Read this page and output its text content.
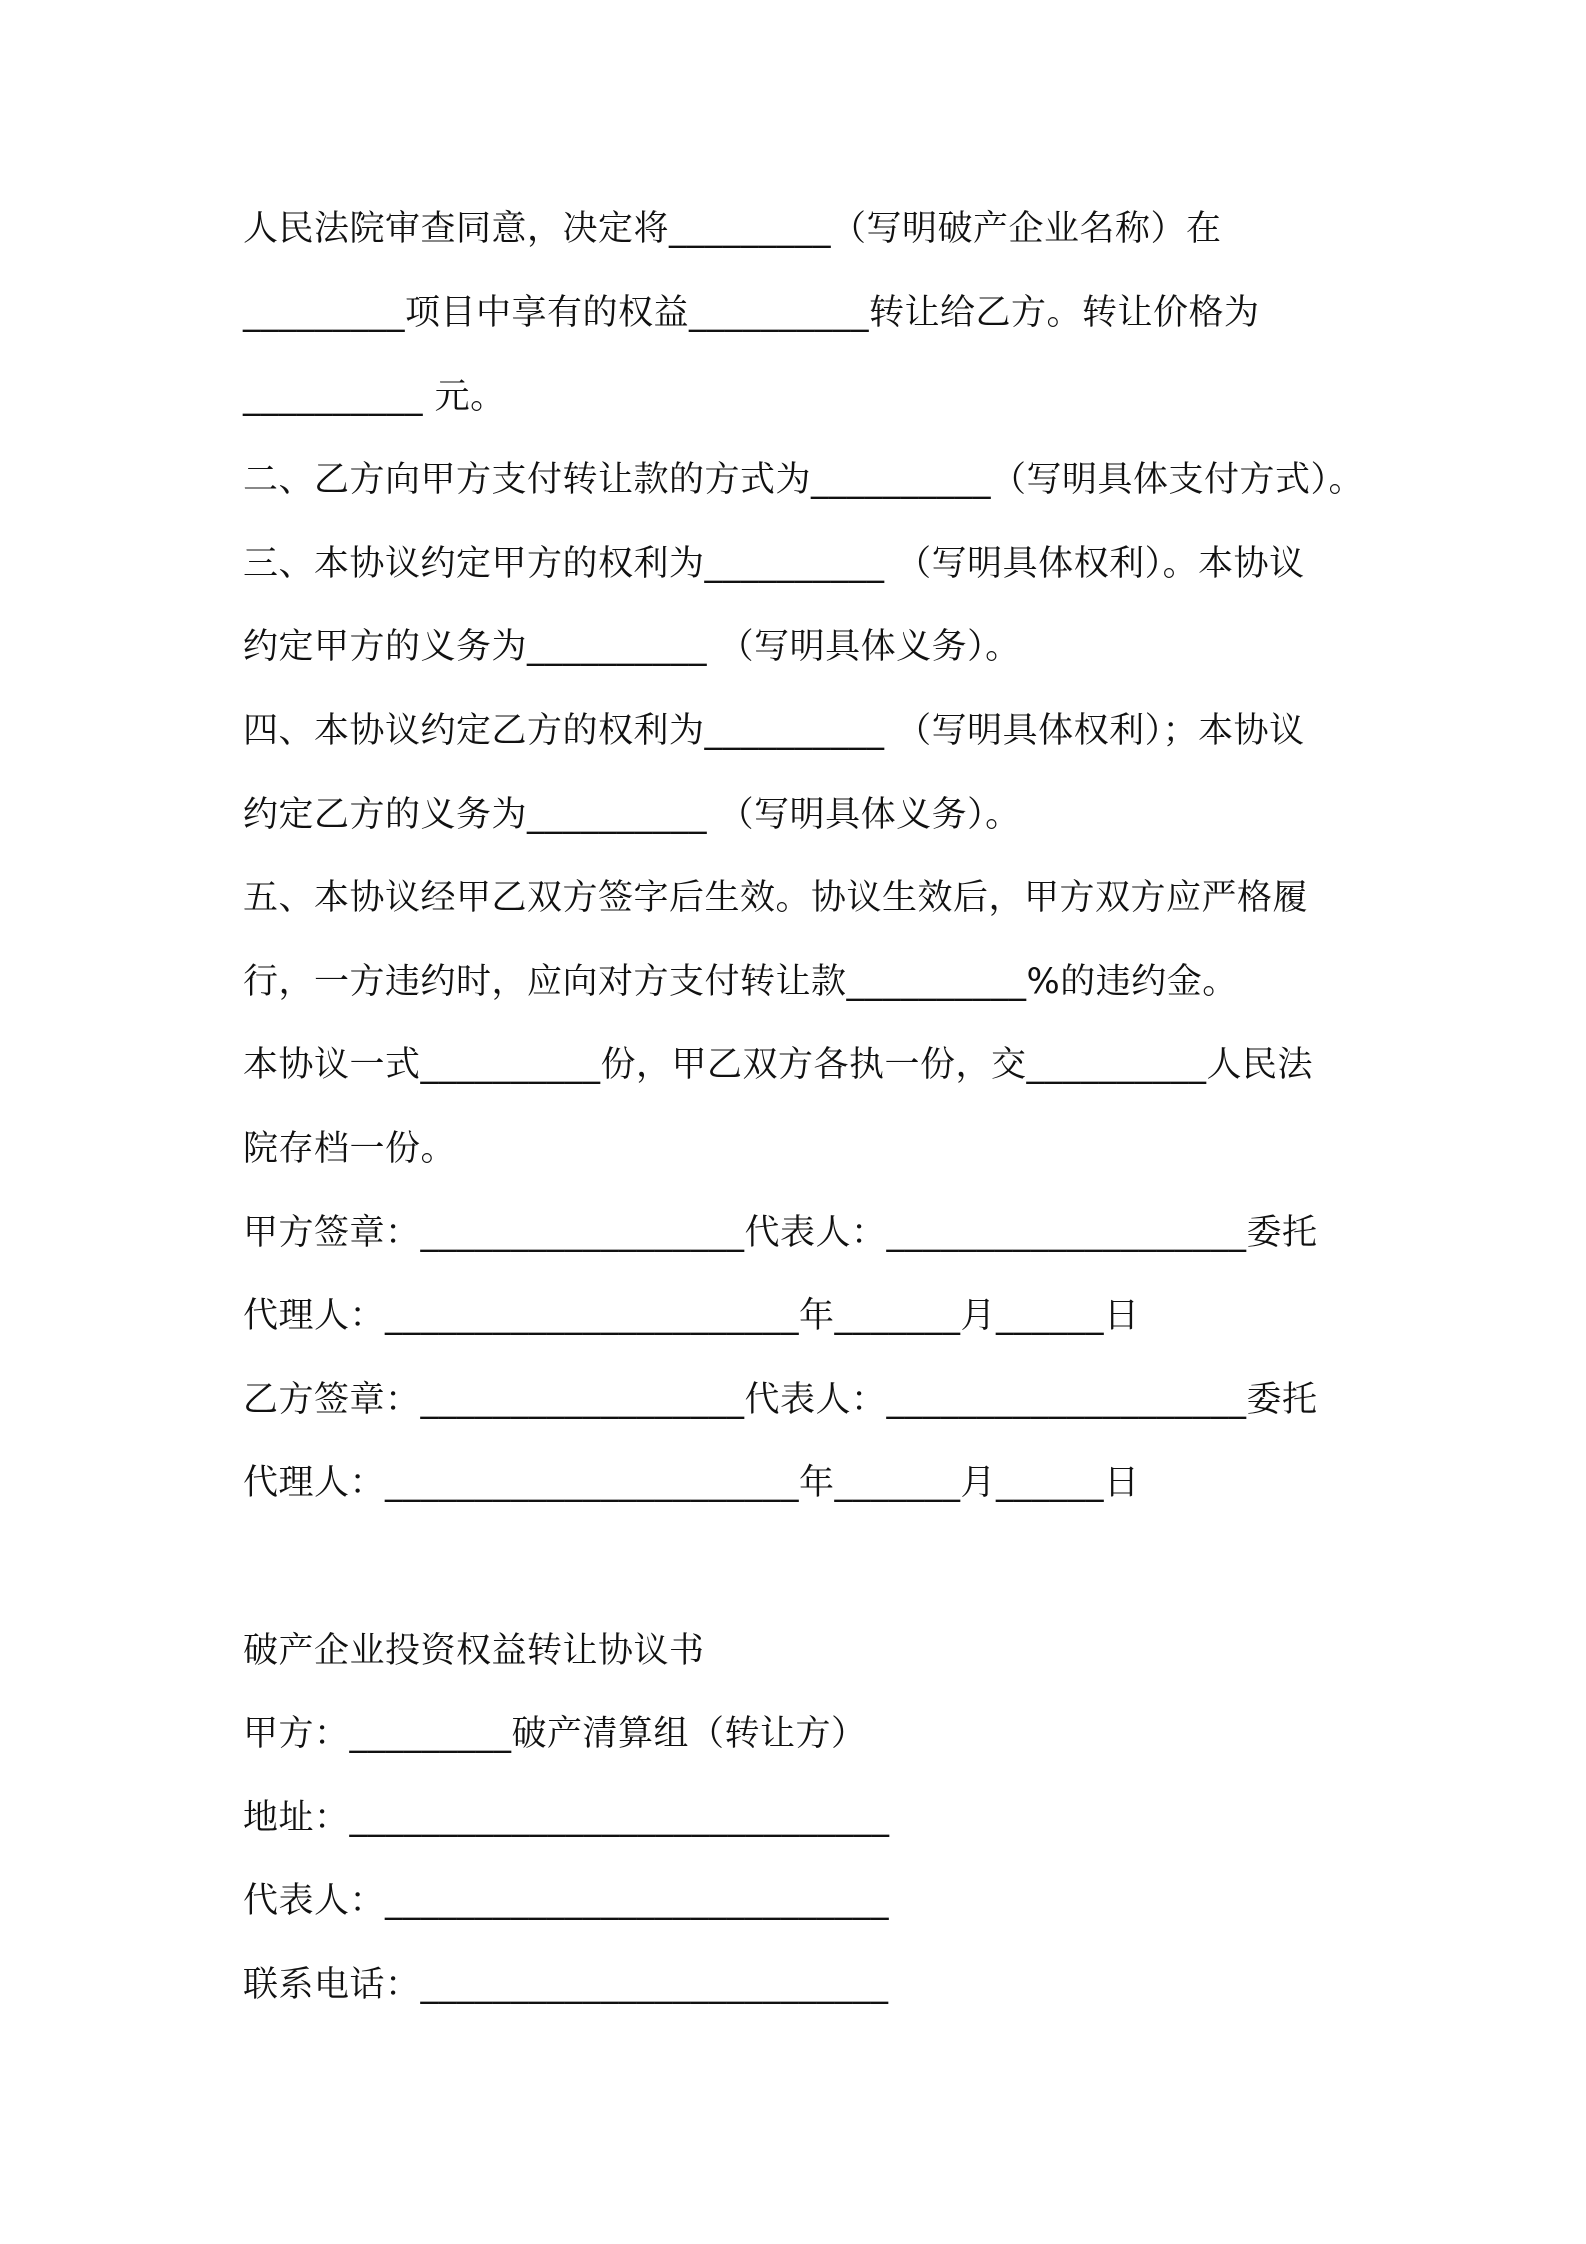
人民法院审查同意，决定将_________（写明破产企业名称）在
_________项目中享有的权益__________转让给乙方。转让价格为
__________ 元。
二、乙方向甲方支付转让款的方式为__________（写明具体支付方式）。
三、本协议约定甲方的权利为__________ （写明具体权利）。本协议
约定甲方的义务为__________ （写明具体义务）。
四、本协议约定乙方的权利为__________ （写明具体权利）；本协议
约定乙方的义务为__________ （写明具体义务）。
五、本协议经甲乙双方签字后生效。协议生效后，甲方双方应严格履
行，一方违约时，应向对方支付转让款__________%的违约金。
本协议一式__________份，甲乙双方各执一份，交__________人民法
院存档一份。
甲方签章：__________________代表人：____________________委托
代理人：_______________________年_______月______日
乙方签章：__________________代表人：____________________委托
代理人：_______________________年_______月______日
破产企业投资权益转让协议书
甲方：_________破产清算组（转让方）
地址：______________________________
代表人：____________________________
联系电话：__________________________
